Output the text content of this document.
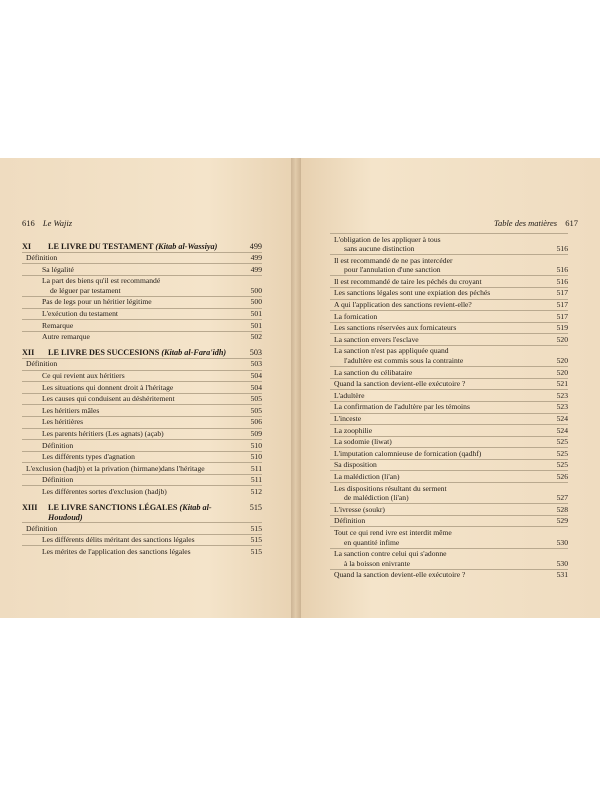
616 Le Wajiz	Table des matières 617
XI	LE LIVRE DU TESTAMENT (Kitab al-Wassiya)	499
Définition	499
Sa légalité	499
La part des biens qu'il est recommandé
de léguer par testament	500
Pas de legs pour un héritier légitime	500
L'exécution du testament	501
Remarque	501
Autre remarque	502
XII	LE LIVRE DES SUCCESIONS (Kitab al-Fara'idh)	503
Définition	503
Ce qui revient aux héritiers	504
Les situations qui donnent droit à l'héritage	504
Les causes qui conduisent au déshéritement	505
Les héritiers mâles	505
Les héritières	506
Les parents héritiers (Les agnats) (açab)	509
Définition	510
Les différents types d'agnation	510
L'exclusion (hadjb) et la privation (hirmane)dans l'héritage	511
Définition	511
Les différentes sortes d'exclusion (hadjb)	512
XIII	LE LIVRE SANCTIONS LÉGALES (Kitab al-Houdoud)
515
Définition	515
Les différents délits méritant des sanctions légales	515
Les mérites de l'application des sanctions légales	515
L'obligation de les appliquer à tous
sans aucune distinction	516
Il est recommandé de ne pas intercéder
pour l'annulation d'une sanction	516
Il est recommandé de taire les péchés du croyant	516
Les sanctions légales sont une expiation des péchés	517
A qui l'application des sanctions revient-elle?	517
La fornication	517
Les sanctions réservées aux fornicateurs	519
La sanction envers l'esclave	520
La sanction n'est pas appliquée quand
l'adultère est commis sous la contrainte	520
La sanction du célibataire	520
Quand la sanction devient-elle exécutoire ?	521
L'adultère	523
La confirmation de l'adultère par les témoins	523
L'inceste	524
La zoophilie	524
La sodomie (liwat)	525
L'imputation calomnieuse de fornication (qadhf)	525
Sa disposition	525
La malédiction (li'an)	526
Les dispositions résultant du serment
de malédiction (li'an)	527
L'ivresse (soukr)	528
Définition	529
Tout ce qui rend ivre est interdit même
en quantité infime	530
La sanction contre celui qui s'adonne
à la boisson enivrante	530
Quand la sanction devient-elle exécutoire ?	531
